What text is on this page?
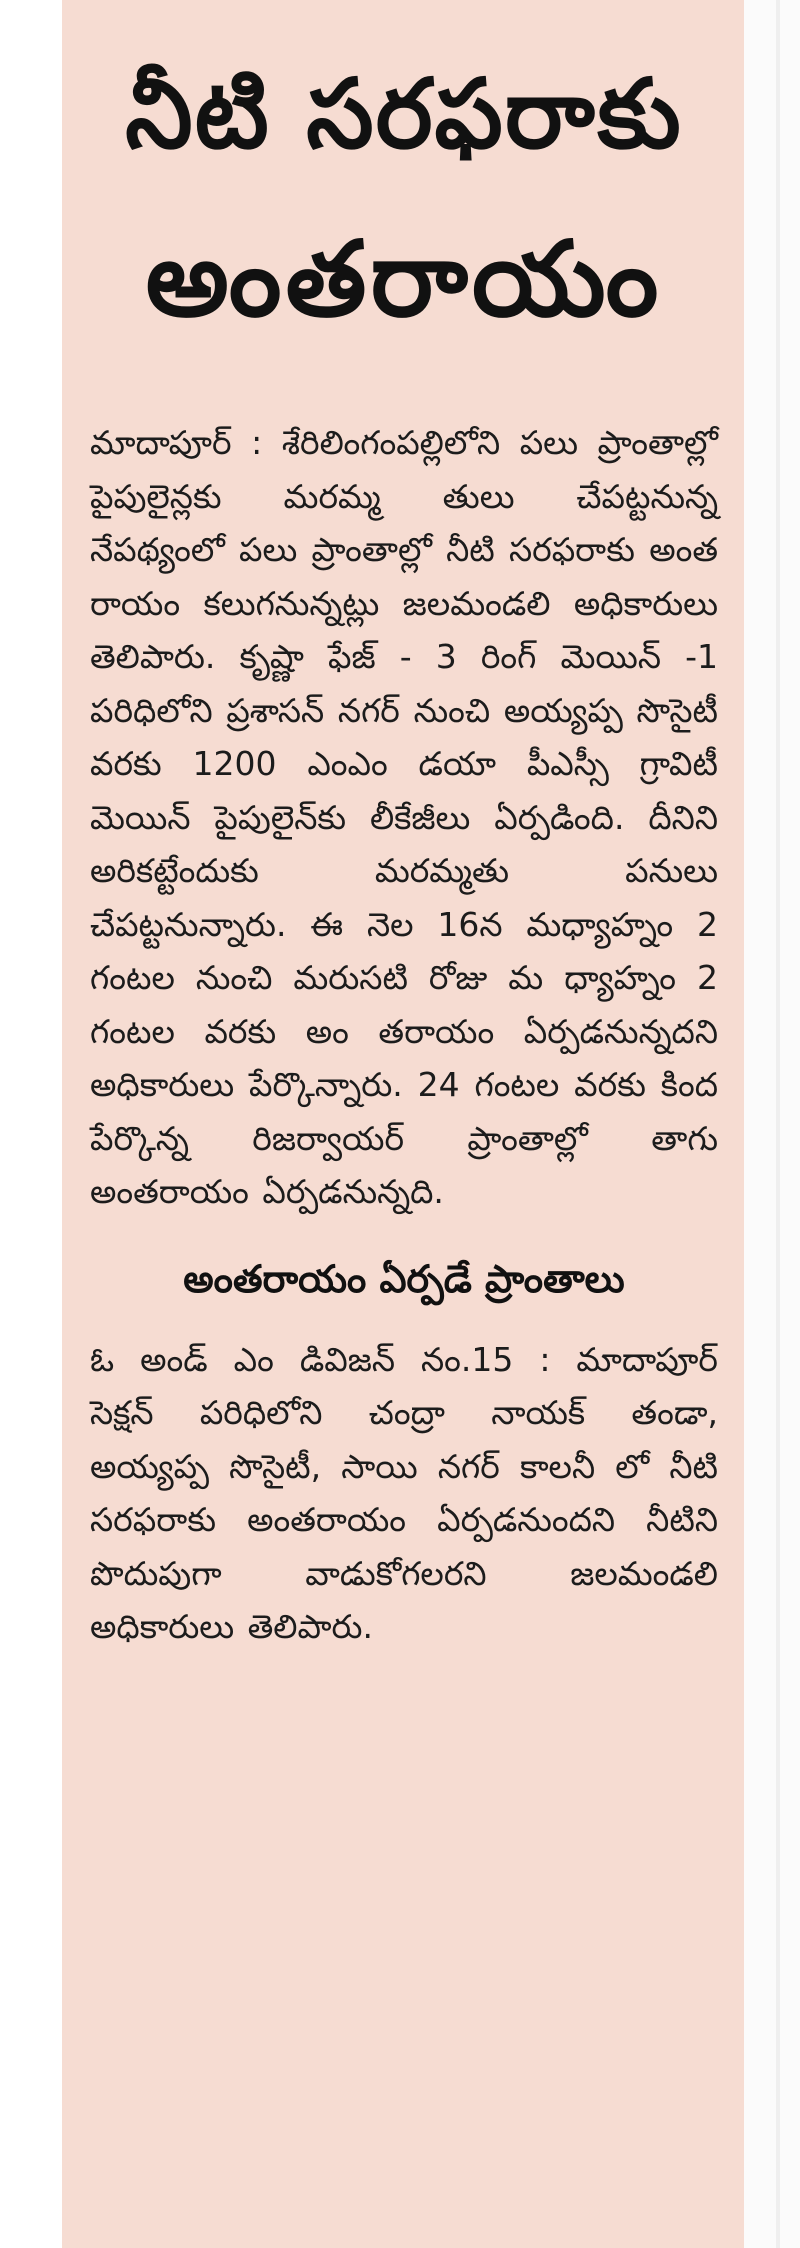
నీటి సరఫరాకు
అంతరాయం

మాదాపూర్ : శేరిలింగంపల్లిలోని పలు ప్రాంతాల్లో పైపులైన్లకు మరమ్మ తులు చేపట్టనున్న నేపథ్యంలో పలు ప్రాంతాల్లో నీటి సరఫరాకు అంత రాయం కలుగనున్నట్లు జలమండలి అధికారులు తెలిపారు. కృష్ణా ఫేజ్ - 3 రింగ్ మెయిన్ -1 పరిధిలోని ప్రశాసన్ నగర్ నుంచి అయ్యప్ప సొసైటీ వరకు 1200 ఎంఎం డయా పీఎస్సీ గ్రావిటీ మెయిన్ పైపులైన్‌కు లీకేజీలు ఏర్పడింది. దీనిని అరికట్టేందుకు మరమ్మతు పనులు చేపట్టనున్నారు. ఈ నెల 16న మధ్యాహ్నం 2 గంటల నుంచి మరుసటి రోజు మ ధ్యాహ్నం 2 గంటల వరకు అం తరాయం ఏర్పడనున్నదని అధికారులు పేర్కొన్నారు. 24 గంటల వరకు కింద పేర్కొన్న రిజర్వాయర్ ప్రాంతాల్లో తాగు అంతరాయం ఏర్పడనున్నది.

అంతరాయం ఏర్పడే ప్రాంతాలు

ఓ అండ్ ఎం డివిజన్ నం.15 : మాదాపూర్ సెక్షన్ పరిధిలోని చంద్రా నాయక్ తండా, అయ్యప్ప సొసైటీ, సాయి నగర్ కాలనీ లో నీటి సరఫరాకు అంతరాయం ఏర్పడనుందని నీటిని పొదుపుగా వాడుకోగలరని జలమండలి అధికారులు తెలిపారు.
